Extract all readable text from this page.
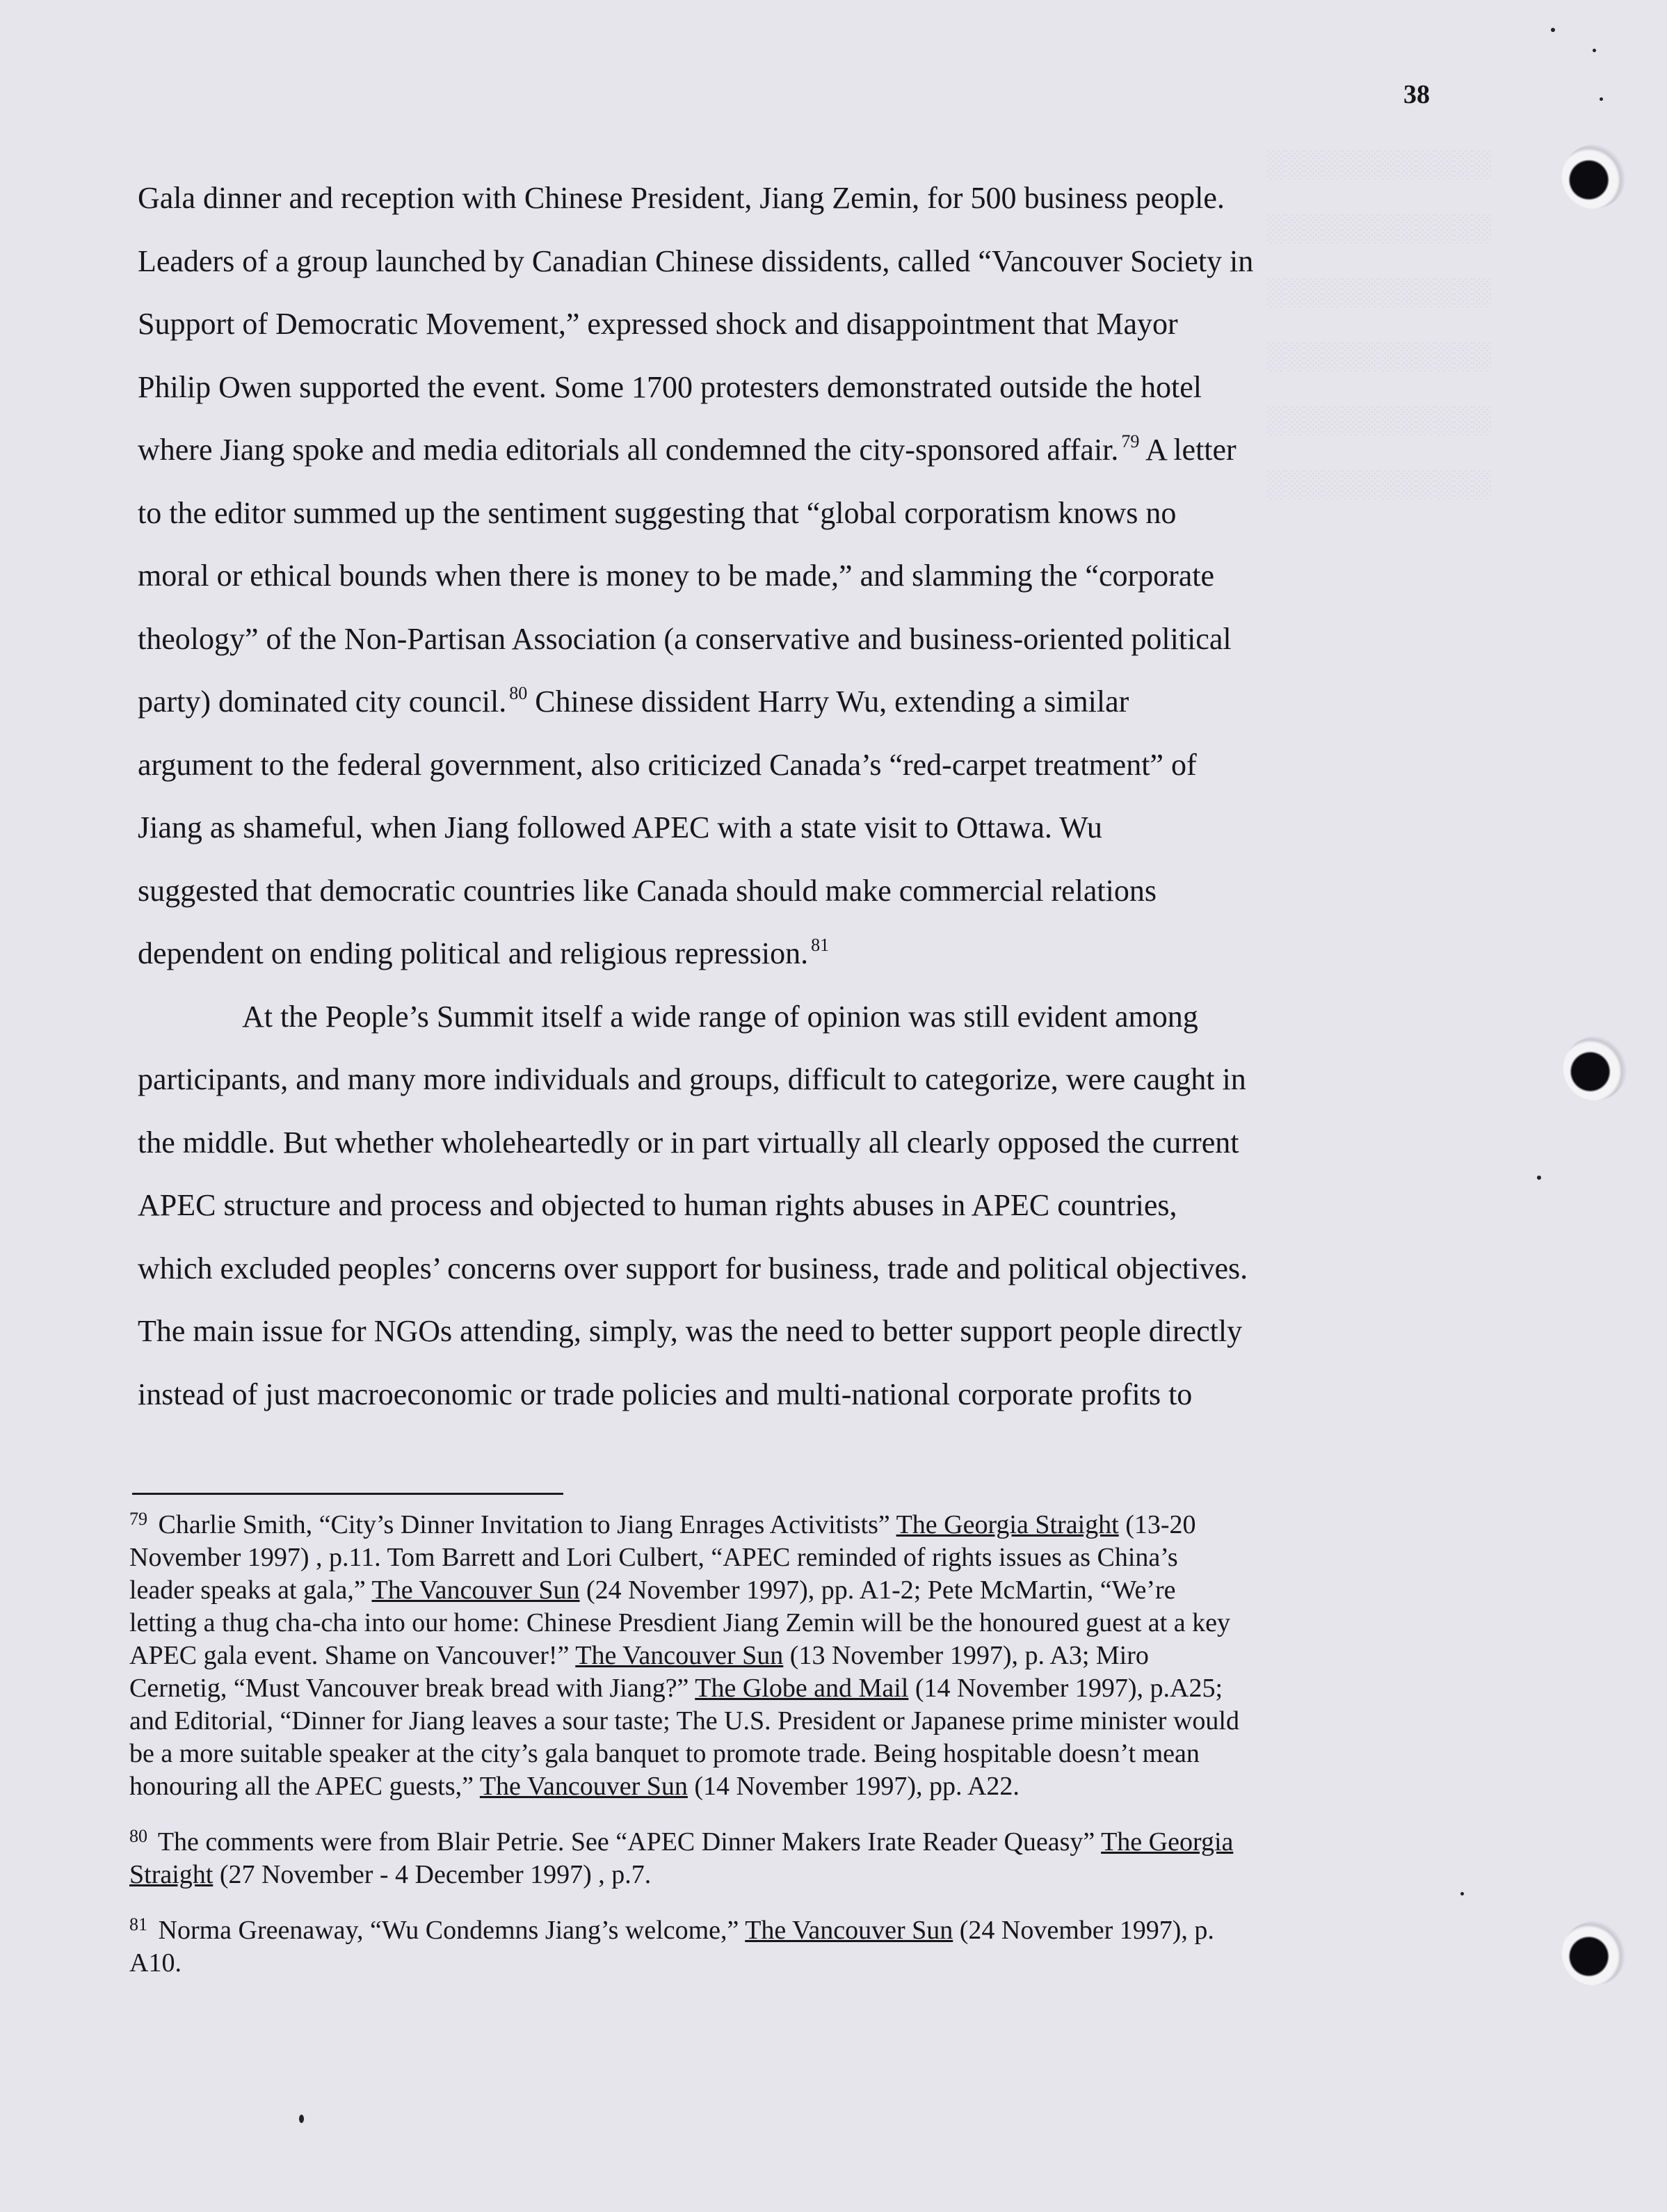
░░░░░░░░░░░░
░░░░░░░░░░░░
░░░░░░░░░░░░
░░░░░░░░░░░░
░░░░░░░░░░░░
░░░░░░░░░░░░
38
Gala dinner and reception with Chinese President, Jiang Zemin, for 500 business people.
Leaders of a group launched by Canadian Chinese dissidents, called “Vancouver Society in
Support of Democratic Movement,” expressed shock and disappointment that Mayor
Philip Owen supported the event. Some 1700 protesters demonstrated outside the hotel
where Jiang spoke and media editorials all condemned the city-sponsored affair. $^{79}$ A letter
to the editor summed up the sentiment suggesting that “global corporatism knows no
moral or ethical bounds when there is money to be made,” and slamming the “corporate
theology” of the Non-Partisan Association (a conservative and business-oriented political
party) dominated city council. $^{80}$ Chinese dissident Harry Wu, extending a similar
argument to the federal government, also criticized Canada’s “red-carpet treatment” of
Jiang as shameful, when Jiang followed APEC with a state visit to Ottawa. Wu
suggested that democratic countries like Canada should make commercial relations
dependent on ending political and religious repression. $^{81}$
At the People’s Summit itself a wide range of opinion was still evident among
participants, and many more individuals and groups, difficult to categorize, were caught in
the middle. But whether wholeheartedly or in part virtually all clearly opposed the current
APEC structure and process and objected to human rights abuses in APEC countries,
which excluded peoples’ concerns over support for business, trade and political objectives.
The main issue for NGOs attending, simply, was the need to better support people directly
instead of just macroeconomic or trade policies and multi-national corporate profits to
$^{79}$ Charlie Smith, “City’s Dinner Invitation to Jiang Enrages Activitists” The Georgia Straight (13-20
November 1997) , p.11. Tom Barrett and Lori Culbert, “APEC reminded of rights issues as China’s
leader speaks at gala,” The Vancouver Sun (24 November 1997), pp. A1-2; Pete McMartin, “We’re
letting a thug cha-cha into our home: Chinese Presdient Jiang Zemin will be the honoured guest at a key
APEC gala event. Shame on Vancouver!” The Vancouver Sun (13 November 1997), p. A3; Miro
Cernetig, “Must Vancouver break bread with Jiang?” The Globe and Mail (14 November 1997), p.A25;
and Editorial, “Dinner for Jiang leaves a sour taste; The U.S. President or Japanese prime minister would
be a more suitable speaker at the city’s gala banquet to promote trade. Being hospitable doesn’t mean
honouring all the APEC guests,” The Vancouver Sun (14 November 1997), pp. A22.
$^{80}$ The comments were from Blair Petrie. See “APEC Dinner Makers Irate Reader Queasy” The Georgia
Straight (27 November - 4 December 1997) , p.7.
$^{81}$ Norma Greenaway, “Wu Condemns Jiang’s welcome,” The Vancouver Sun (24 November 1997), p.
A10.
